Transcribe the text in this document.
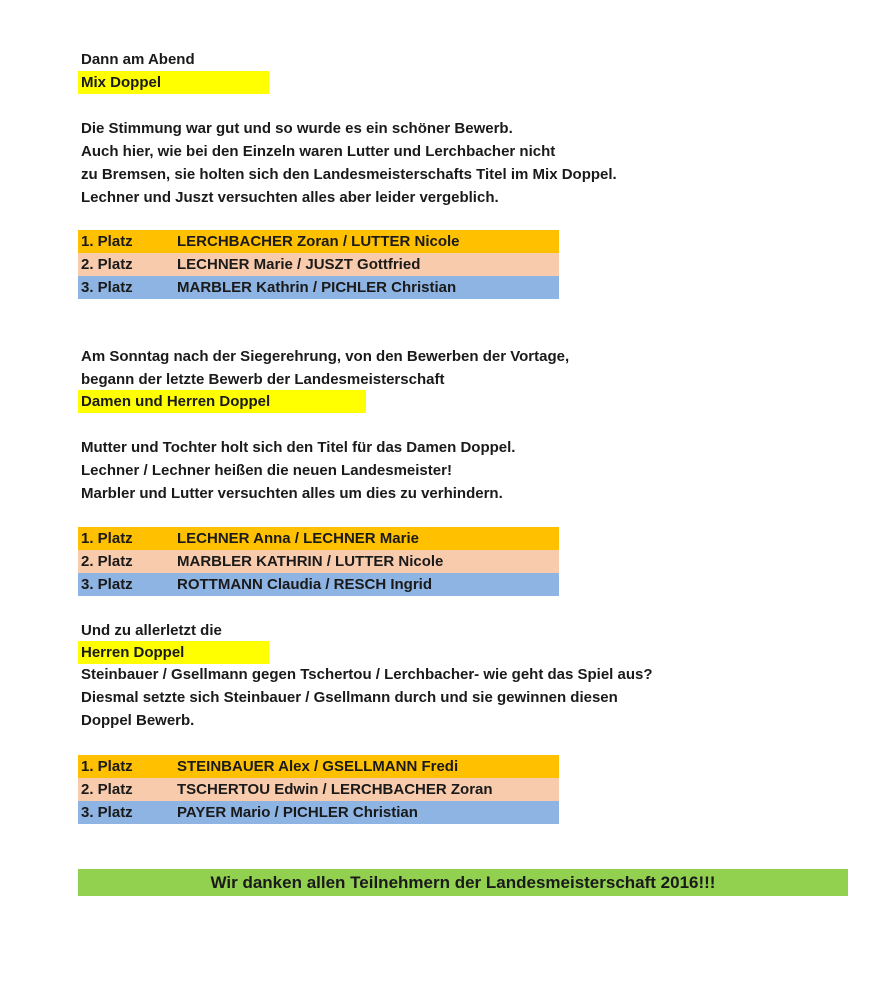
Dann am Abend
Mix Doppel
Die Stimmung war gut und so wurde es ein schöner Bewerb.
Auch hier, wie bei den Einzeln waren Lutter und Lerchbacher nicht
zu Bremsen, sie holten sich den Landesmeisterschafts Titel im Mix Doppel.
Lechner und Juszt versuchten alles aber leider vergeblich.
1. Platz	LERCHBACHER Zoran / LUTTER Nicole
2. Platz	LECHNER Marie / JUSZT Gottfried
3. Platz	MARBLER Kathrin / PICHLER Christian
Am Sonntag nach der Siegerehrung, von den Bewerben der Vortage,
begann der letzte Bewerb der Landesmeisterschaft
Damen und Herren Doppel
Mutter und Tochter holt sich den Titel für das Damen Doppel.
Lechner / Lechner heißen die neuen Landesmeister!
Marbler und Lutter versuchten alles um dies zu verhindern.
1. Platz	LECHNER Anna / LECHNER Marie
2. Platz	MARBLER KATHRIN / LUTTER Nicole
3. Platz	ROTTMANN Claudia / RESCH Ingrid
Und zu allerletzt die
Herren Doppel
Steinbauer / Gsellmann gegen Tschertou / Lerchbacher- wie geht das Spiel aus?
Diesmal setzte sich Steinbauer / Gsellmann durch und sie gewinnen diesen
Doppel Bewerb.
1. Platz	STEINBAUER Alex / GSELLMANN Fredi
2. Platz	TSCHERTOU Edwin / LERCHBACHER Zoran
3. Platz	PAYER Mario / PICHLER Christian
Wir danken allen Teilnehmern der Landesmeisterschaft 2016!!!
